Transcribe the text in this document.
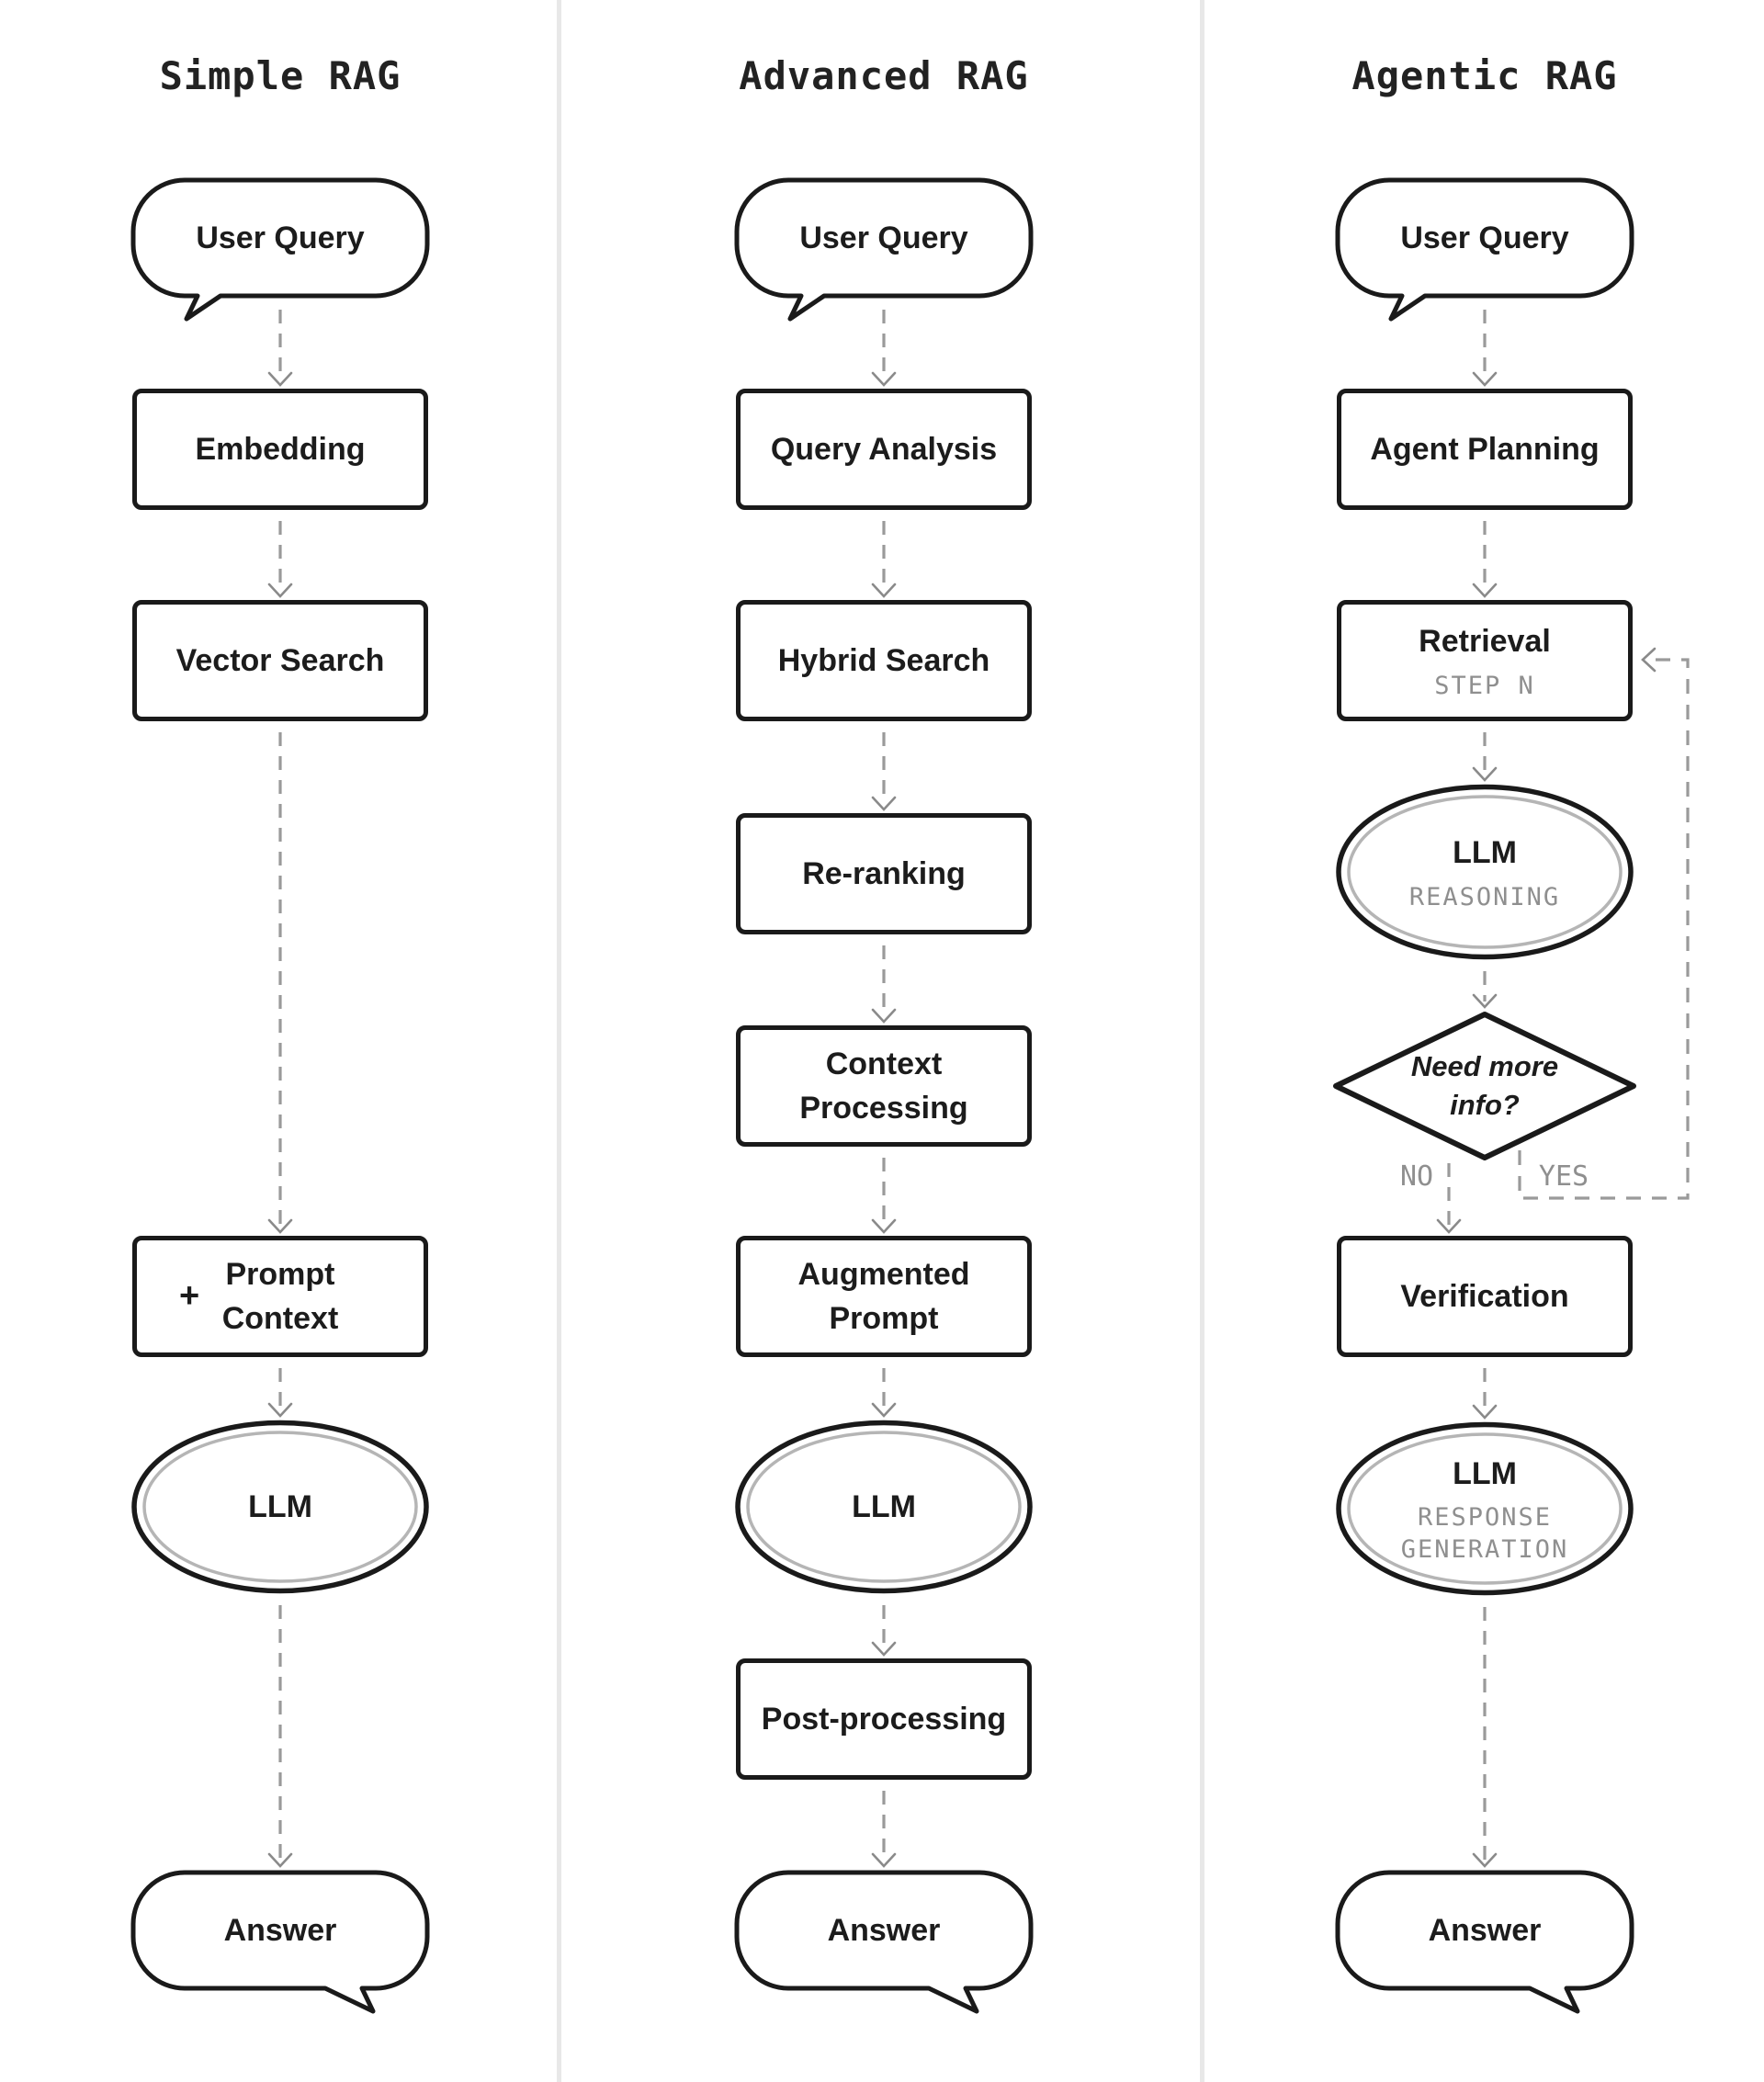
Simple RAG	Advanced RAG	Agentic RAG
User Query
Embedding
Vector Search
+
Prompt
Context
LLM
Answer
User Query
Query Analysis
Hybrid Search
Re-ranking
Context
Processing
Augmented
Prompt
LLM
Post-processing
Answer
User Query
Agent Planning
Retrieval
STEP N
LLM
REASONING
Need more
info?
NO	YES
Verification
LLM
RESPONSE
GENERATION
Answer
